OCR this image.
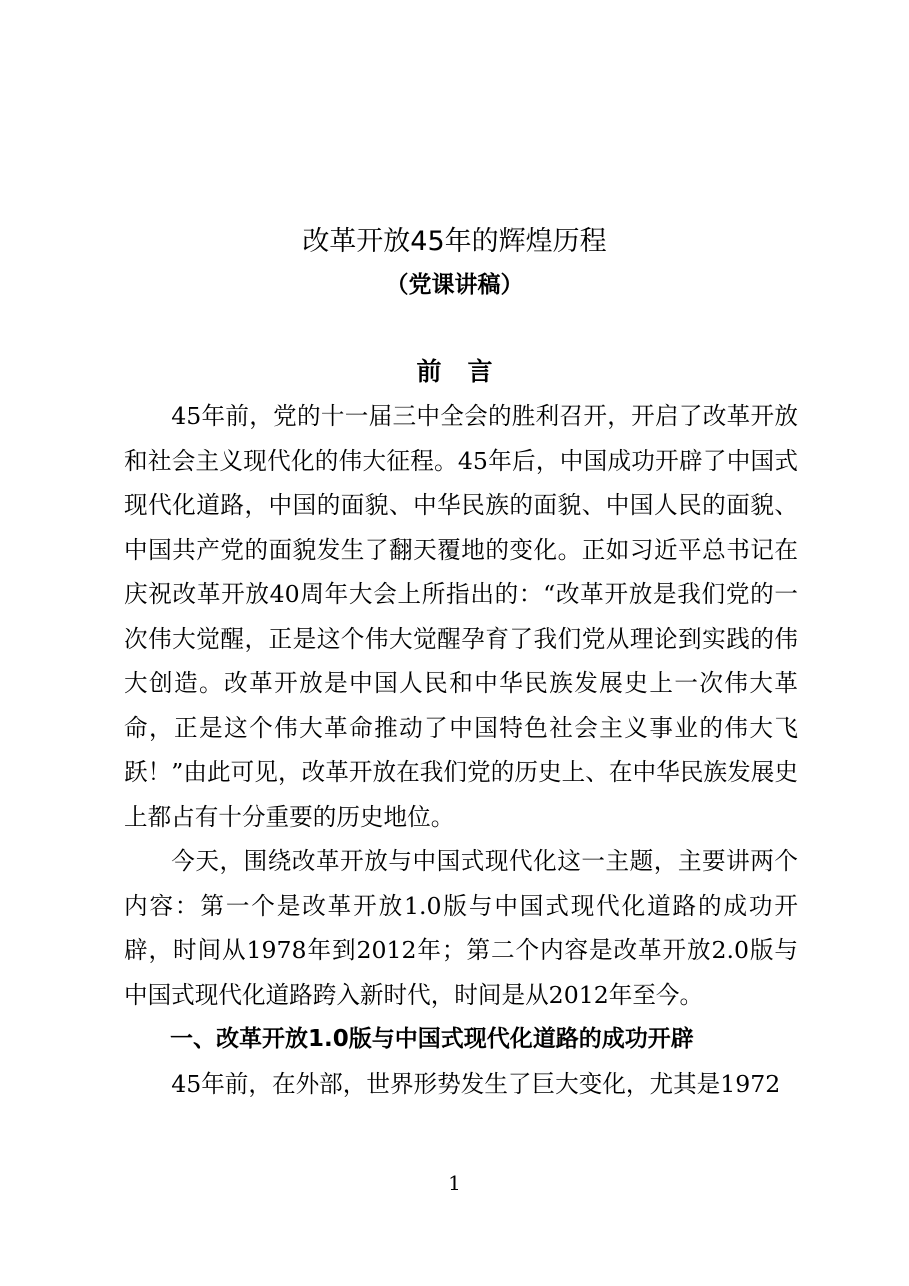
改革开放45年的辉煌历程
（党课讲稿）
前言

45年前，党的十一届三中全会的胜利召开，开启了改革开放和社会主义现代化的伟大征程。45年后，中国成功开辟了中国式现代化道路，中国的面貌、中华民族的面貌、中国人民的面貌、中国共产党的面貌发生了翻天覆地的变化。正如习近平总书记在庆祝改革开放40周年大会上所指出的：“改革开放是我们党的一次伟大觉醒，正是这个伟大觉醒孕育了我们党从理论到实践的伟大创造。改革开放是中国人民和中华民族发展史上一次伟大革命，正是这个伟大革命推动了中国特色社会主义事业的伟大飞跃！”由此可见，改革开放在我们党的历史上、在中华民族发展史上都占有十分重要的历史地位。

今天，围绕改革开放与中国式现代化这一主题，主要讲两个内容：第一个是改革开放1.0版与中国式现代化道路的成功开辟，时间从1978年到2012年；第二个内容是改革开放2.0版与中国式现代化道路跨入新时代，时间是从2012年至今。

一、改革开放1.0版与中国式现代化道路的成功开辟

45年前，在外部，世界形势发生了巨大变化，尤其是1972

1
